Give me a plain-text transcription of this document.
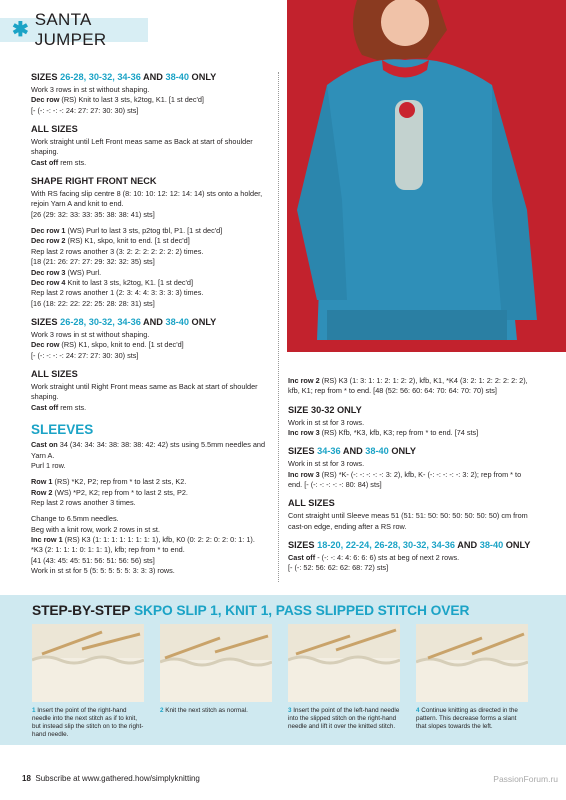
✱ SANTA JUMPER
SIZES 26-28, 30-32, 34-36 AND 38-40 ONLY

Work 3 rows in st st without shaping.

Dec row (RS) Knit to last 3 sts, k2tog, K1. [1 st dec'd]

[- (-: -: -: -: 24: 27: 27: 30: 30) sts]

ALL SIZES

Work straight until Left Front meas same as Back at start of shoulder shaping.

Cast off rem sts.

SHAPE RIGHT FRONT NECK

With RS facing slip centre 8 (8: 10: 10: 12: 12: 14: 14) sts onto a holder, rejoin Yarn A and knit to end.

[26 (29: 32: 33: 33: 35: 38: 38: 41) sts]

Dec row 1 (WS) Purl to last 3 sts, p2tog tbl, P1. [1 st dec'd]

Dec row 2 (RS) K1, skpo, knit to end. [1 st dec'd]

Rep last 2 rows another 3 (3: 2: 2: 2: 2: 2: 2: 2) times.

[18 (21: 26: 27: 27: 29: 32: 32: 35) sts]

Dec row 3 (WS) Purl.

Dec row 4 Knit to last 3 sts, k2tog, K1. [1 st dec'd]

Rep last 2 rows another 1 (2: 3: 4: 4: 3: 3: 3: 3) times.

[16 (18: 22: 22: 22: 25: 28: 28: 31) sts]

SIZES 26-28, 30-32, 34-36 AND 38-40 ONLY

Work 3 rows in st st without shaping.

Dec row (RS) K1, skpo, knit to end. [1 st dec'd]

[- (-: -: -: -: 24: 27: 27: 30: 30) sts]

ALL SIZES

Work straight until Right Front meas same as Back at start of shoulder shaping.

Cast off rem sts.

SLEEVES

Cast on 34 (34: 34: 34: 38: 38: 38: 42: 42) sts using 5.5mm needles and Yarn A.

Purl 1 row.

Row 1 (RS) *K2, P2; rep from * to last 2 sts, K2.

Row 2 (WS) *P2, K2; rep from * to last 2 sts, P2.

Rep last 2 rows another 3 times.

Change to 6.5mm needles.

Beg with a knit row, work 2 rows in st st.

Inc row 1 (RS) K3 (1: 1: 1: 1: 1: 1: 1: 1), kfb, K0 (0: 2: 2: 0: 2: 0: 1: 1).

*K3 (2: 1: 1: 1: 0: 1: 1: 1), kfb; rep from * to end.

[41 (43: 45: 45: 51: 56: 51: 56: 56) sts]

Work in st st for 5 (5: 5: 5: 5: 5: 3: 3: 3) rows.

Inc row 2 (RS) K3 (1: 3: 1: 1: 2: 1: 2: 2), kfb, K1, *K4 (3: 2: 1: 2: 2: 2: 2: 2), kfb, K1; rep from * to end. [48 (52: 56: 60: 64: 70: 64: 70: 70) sts]

SIZE 30-32 ONLY

Work in st st for 3 rows.

Inc row 3 (RS) Kfb, *K3, kfb, K3; rep from * to end. [74 sts]

SIZES 34-36 AND 38-40 ONLY

Work in st st for 3 rows.

Inc row 3 (RS) *K- (-: -: -: -: -: 3: 2), kfb, K- (-: -: -: -: -: 3: 2); rep from * to end. [- (-: -: -: -: -: 80: 84) sts]

ALL SIZES

Cont straight until Sleeve meas 51 (51: 51: 50: 50: 50: 50: 50: 50) cm from cast-on edge, ending after a RS row.

SIZES 18-20, 22-24, 26-28, 30-32, 34-36 AND 38-40 ONLY

Cast off - (-: -: 4: 4: 6: 6: 6) sts at beg of next 2 rows.

[- (-: 52: 56: 62: 62: 68: 72) sts]

STEP-BY-STEP SKPO SLIP 1, KNIT 1, PASS SLIPPED STITCH OVER
1 Insert the point of the right-hand needle into the next stitch as if to knit, but instead slip the stitch on to the right-hand needle.
2 Knit the next stitch as normal.	3 Insert the point of the left-hand needle into the slipped stitch on the right-hand needle and lift it over the knitted stitch.
4 Continue knitting as directed in the pattern. This decrease forms a slant that slopes towards the left.
18 Subscribe at www.gathered.how/simplyknitting	PassionForum.ru
